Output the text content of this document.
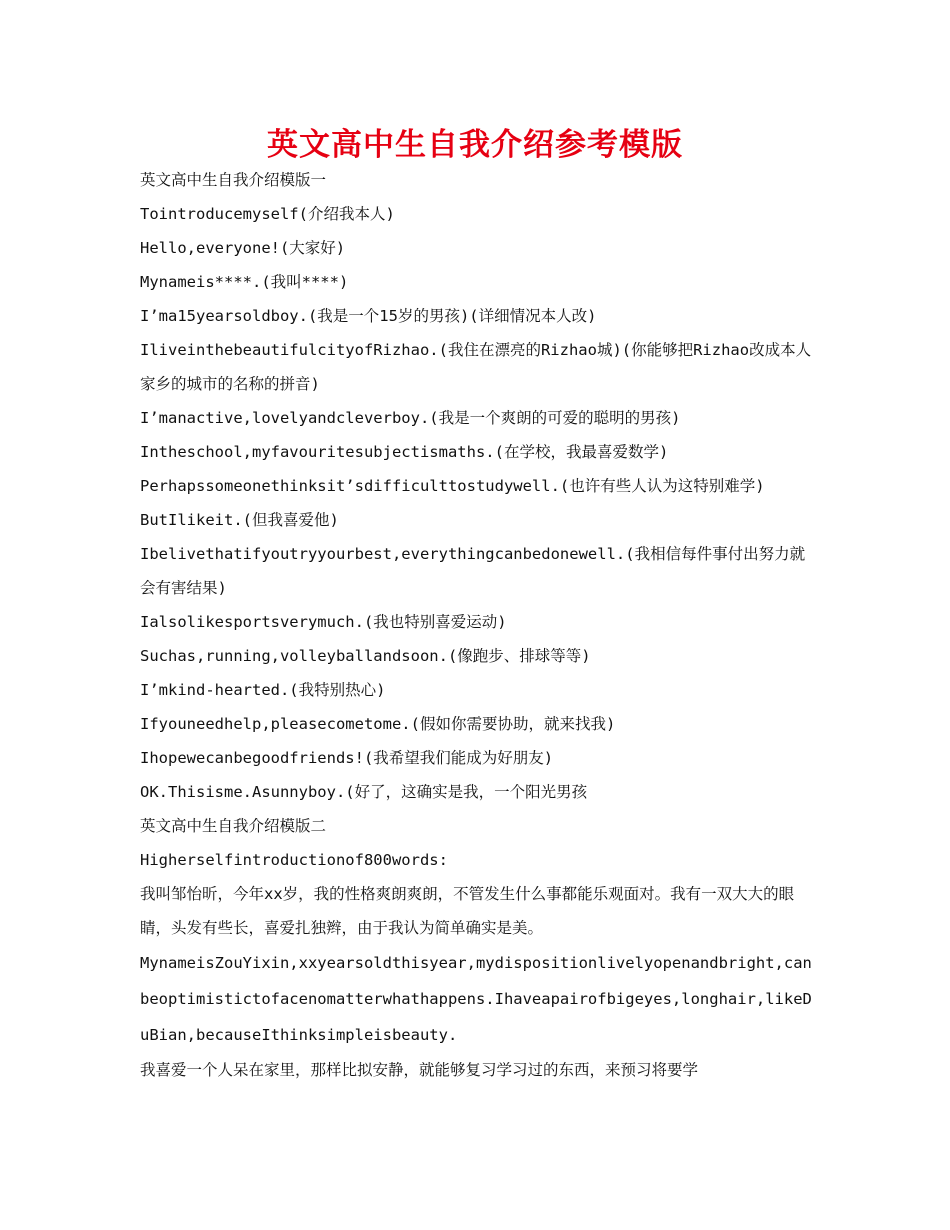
英文高中生自我介绍参考模版

英文高中生自我介绍模版一

Tointroducemyself(介绍我本人)

Hello,everyone!(大家好)

Mynameis****.(我叫****)

I’ma15yearsoldboy.(我是一个15岁的男孩)(详细情况本人改)

IliveinthebeautifulcityofRizhao.(我住在漂亮的Rizhao城)(你能够把Rizhao改成本人家乡的城市的名称的拼音)

I’manactive,lovelyandcleverboy.(我是一个爽朗的可爱的聪明的男孩)

Intheschool,myfavouritesubjectismaths.(在学校，我最喜爱数学)

Perhapssomeonethinksit’sdifficulttostudywell.(也许有些人认为这特别难学)

ButIlikeit.(但我喜爱他)

Ibelivethatifyoutryyourbest,everythingcanbedonewell.(我相信每件事付出努力就会有害结果)

Ialsolikesportsverymuch.(我也特别喜爱运动)

Suchas,running,volleyballandsoon.(像跑步、排球等等)

I’mkind-hearted.(我特别热心)

Ifyouneedhelp,pleasecometome.(假如你需要协助，就来找我)

Ihopewecanbegoodfriends!(我希望我们能成为好朋友)

OK.Thisisme.Asunnyboy.(好了，这确实是我，一个阳光男孩

英文高中生自我介绍模版二

Higherselfintroductionof800words:

我叫邹怡昕，今年xx岁，我的性格爽朗爽朗，不管发生什么事都能乐观面对。我有一双大大的眼睛，头发有些长，喜爱扎独辫，由于我认为简单确实是美。

MynameisZouYixin,xxyearsoldthisyear,mydispositionlivelyopenandbright,canbeoptimistictofacenomatterwhathappens.Ihaveapairofbigeyes,longhair,likeDuBian,becauseIthinksimpleisbeauty.

我喜爱一个人呆在家里，那样比拟安静，就能够复习学习过的东西，来预习将要学
